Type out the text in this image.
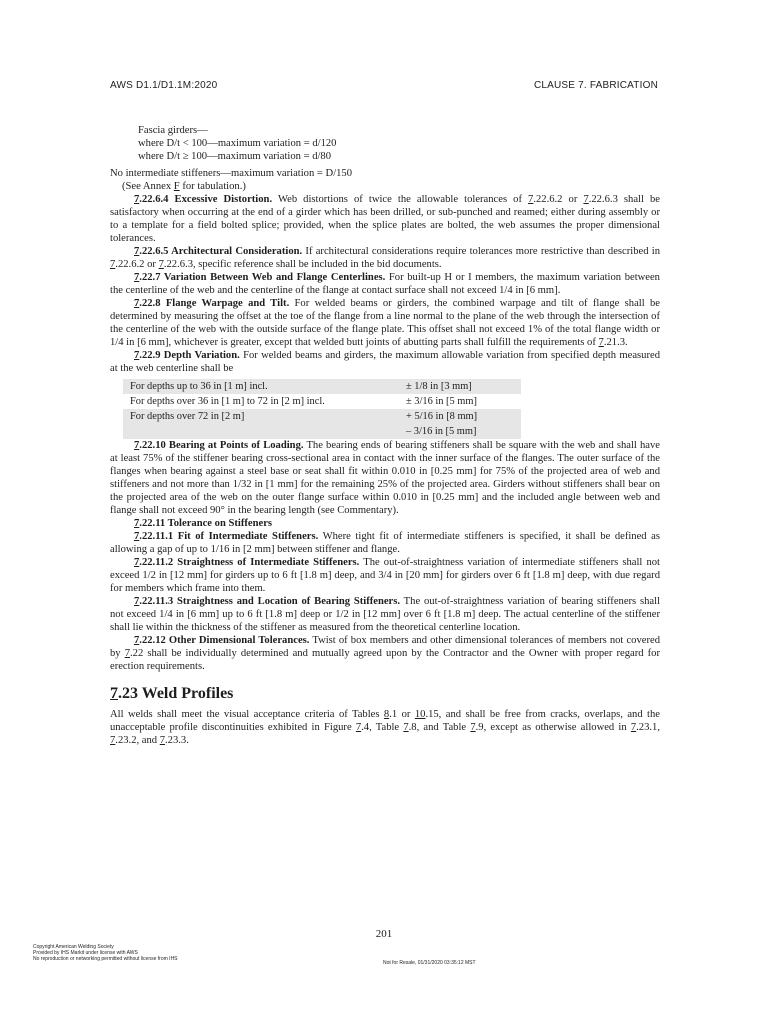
AWS D1.1/D1.1M:2020	CLAUSE 7. FABRICATION

Fascia girders—

where D/t < 100—maximum variation = d/120

where D/t ≥ 100—maximum variation = d/80

No intermediate stiffeners—maximum variation = D/150

(See Annex F for tabulation.)

7.22.6.4 Excessive Distortion. Web distortions of twice the allowable tolerances of 7.22.6.2 or 7.22.6.3 shall be satisfactory when occurring at the end of a girder which has been drilled, or sub-punched and reamed; either during assembly or to a template for a field bolted splice; provided, when the splice plates are bolted, the web assumes the proper dimensional tolerances.

7.22.6.5 Architectural Consideration. If architectural considerations require tolerances more restrictive than described in 7.22.6.2 or 7.22.6.3, specific reference shall be included in the bid documents.

7.22.7 Variation Between Web and Flange Centerlines. For built-up H or I members, the maximum variation between the centerline of the web and the centerline of the flange at contact surface shall not exceed 1/4 in [6 mm].

7.22.8 Flange Warpage and Tilt. For welded beams or girders, the combined warpage and tilt of flange shall be determined by measuring the offset at the toe of the flange from a line normal to the plane of the web through the intersection of the centerline of the web with the outside surface of the flange plate. This offset shall not exceed 1% of the total flange width or 1/4 in [6 mm], whichever is greater, except that welded butt joints of abutting parts shall fulfill the requirements of 7.21.3.

7.22.9 Depth Variation. For welded beams and girders, the maximum allowable variation from specified depth measured at the web centerline shall be

For depths up to 36 in [1 m] incl.	± 1/8 in [3 mm]
For depths over 36 in [1 m] to 72 in [2 m] incl.	± 3/16 in [5 mm]
For depths over 72 in [2 m]	+ 5/16 in [8 mm]
	– 3/16 in [5 mm]

7.22.10 Bearing at Points of Loading. The bearing ends of bearing stiffeners shall be square with the web and shall have at least 75% of the stiffener bearing cross-sectional area in contact with the inner surface of the flanges. The outer surface of the flanges when bearing against a steel base or seat shall fit within 0.010 in [0.25 mm] for 75% of the projected area of web and stiffeners and not more than 1/32 in [1 mm] for the remaining 25% of the projected area. Girders without stiffeners shall bear on the projected area of the web on the outer flange surface within 0.010 in [0.25 mm] and the included angle between web and flange shall not exceed 90° in the bearing length (see Commentary).

7.22.11 Tolerance on Stiffeners

7.22.11.1 Fit of Intermediate Stiffeners. Where tight fit of intermediate stiffeners is specified, it shall be defined as allowing a gap of up to 1/16 in [2 mm] between stiffener and flange.

7.22.11.2 Straightness of Intermediate Stiffeners. The out-of-straightness variation of intermediate stiffeners shall not exceed 1/2 in [12 mm] for girders up to 6 ft [1.8 m] deep, and 3/4 in [20 mm] for girders over 6 ft [1.8 m] deep, with due regard for members which frame into them.

7.22.11.3 Straightness and Location of Bearing Stiffeners. The out-of-straightness variation of bearing stiffeners shall not exceed 1/4 in [6 mm] up to 6 ft [1.8 m] deep or 1/2 in [12 mm] over 6 ft [1.8 m] deep. The actual centerline of the stiffener shall lie within the thickness of the stiffener as measured from the theoretical centerline location.

7.22.12 Other Dimensional Tolerances. Twist of box members and other dimensional tolerances of members not covered by 7.22 shall be individually determined and mutually agreed upon by the Contractor and the Owner with proper regard for erection requirements.

7.23 Weld Profiles

All welds shall meet the visual acceptance criteria of Tables 8.1 or 10.15, and shall be free from cracks, overlaps, and the unacceptable profile discontinuities exhibited in Figure 7.4, Table 7.8, and Table 7.9, except as otherwise allowed in 7.23.1, 7.23.2, and 7.23.3.

201
Copyright American Welding Society
Provided by IHS Markit under license with AWS
No reproduction or networking permitted without license from IHS
Not for Resale, 01/31/2020 03:35:12 MST
